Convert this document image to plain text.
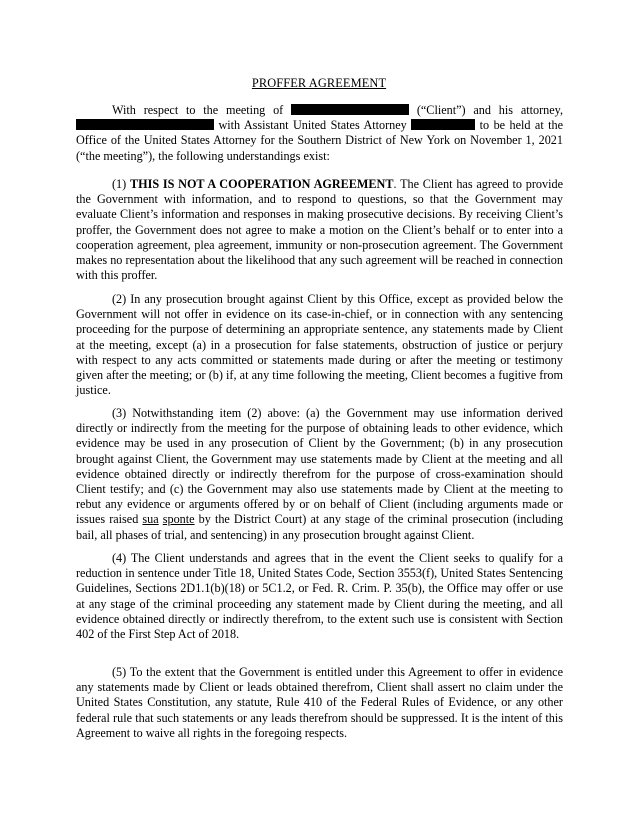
PROFFER AGREEMENT

With respect to the meeting of	(“Client”) and his attorney,  with Assistant United States Attorney	to be held at the Office of the United States Attorney for the Southern District of New York on November 1, 2021 (“the meeting”), the following understandings exist:

(1) THIS IS NOT A COOPERATION AGREEMENT. The Client has agreed to provide the Government with information, and to respond to questions, so that the Government may evaluate Client’s information and responses in making prosecutive decisions. By receiving Client’s proffer, the Government does not agree to make a motion on the Client’s behalf or to enter into a cooperation agreement, plea agreement, immunity or non-prosecution agreement. The Government makes no representation about the likelihood that any such agreement will be reached in connection with this proffer.

(2) In any prosecution brought against Client by this Office, except as provided below the Government will not offer in evidence on its case-in-chief, or in connection with any sentencing proceeding for the purpose of determining an appropriate sentence, any statements made by Client at the meeting, except (a) in a prosecution for false statements, obstruction of justice or perjury with respect to any acts committed or statements made during or after the meeting or testimony given after the meeting; or (b) if, at any time following the meeting, Client becomes a fugitive from justice.

(3) Notwithstanding item (2) above: (a) the Government may use information derived directly or indirectly from the meeting for the purpose of obtaining leads to other evidence, which evidence may be used in any prosecution of Client by the Government; (b) in any prosecution brought against Client, the Government may use statements made by Client at the meeting and all evidence obtained directly or indirectly therefrom for the purpose of cross-examination should Client testify; and (c) the Government may also use statements made by Client at the meeting to rebut any evidence or arguments offered by or on behalf of Client (including arguments made or issues raised sua sponte by the District Court) at any stage of the criminal prosecution (including bail, all phases of trial, and sentencing) in any prosecution brought against Client.

(4) The Client understands and agrees that in the event the Client seeks to qualify for a reduction in sentence under Title 18, United States Code, Section 3553(f), United States Sentencing Guidelines, Sections 2D1.1(b)(18) or 5C1.2, or Fed. R. Crim. P. 35(b), the Office may offer or use at any stage of the criminal proceeding any statement made by Client during the meeting, and all evidence obtained directly or indirectly therefrom, to the extent such use is consistent with Section 402 of the First Step Act of 2018.

(5) To the extent that the Government is entitled under this Agreement to offer in evidence any statements made by Client or leads obtained therefrom, Client shall assert no claim under the United States Constitution, any statute, Rule 410 of the Federal Rules of Evidence, or any other federal rule that such statements or any leads therefrom should be suppressed. It is the intent of this Agreement to waive all rights in the foregoing respects.
